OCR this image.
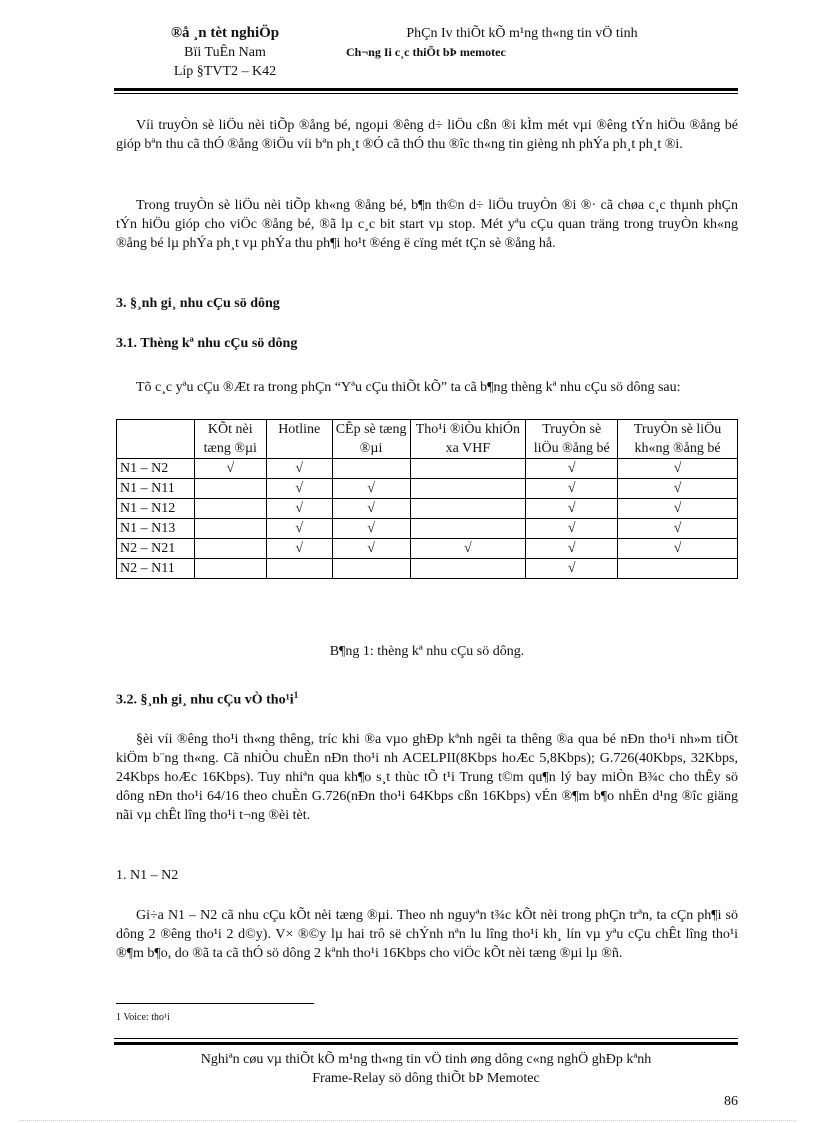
®å ¸n tèt nghiÖp
Bïi TuÊn Nam
Líp §TVT2 – K42
PhÇn Iv thiÕt kÕ m¹ng th«ng tin vÖ tinh
Ch¬ng Ii c¸c thiÕt bÞ memotec
Víi truyÒn sè liÖu nèi tiÕp ®ång bé, ngoµi ®êng d÷ liÖu cßn ®i kÌm mét vµi ®êng tÝn hiÖu ®ång bé gióp bªn thu cã thÓ ®ång ®iÖu víi bªn ph¸t ®Ó cã thÓ thu ®îc th«ng tin gièng nh phÝa ph¸t ph¸t ®i.
Trong truyÒn sè liÖu nèi tiÕp kh«ng ®ång bé, b¶n th©n d÷ liÖu truyÒn ®i ®· cã chøa c¸c thµnh phÇn tÝn hiÖu gióp cho viÖc ®ång bé, ®ã lµ c¸c bit start vµ stop. Mét yªu cÇu quan träng trong truyÒn kh«ng ®ång bé lµ phÝa ph¸t vµ phÝa thu ph¶i ho¹t ®éng ë cïng mét tÇn sè ®ång hå.
3. §¸nh gi¸ nhu cÇu sö dông
3.1. Thèng kª nhu cÇu sö dông
Tõ c¸c yªu cÇu ®Æt ra trong phÇn “Yªu cÇu thiÕt kÕ” ta cã b¶ng thèng kª nhu cÇu sö dông sau:
	KÕt nèi tæng ®µi	Hotline	CÊp sè tæng ®µi	Tho¹i ®iÒu khiÓn xa VHF	TruyÒn sè liÖu ®ång bé	TruyÒn sè liÖu kh«ng ®ång bé
N1 – N2	√	√			√	√
N1 – N11		√	√		√	√
N1 – N12		√	√		√	√
N1 – N13		√	√		√	√
N2 – N21		√	√	√	√	√
N2 – N11					√	
B¶ng 1: thèng kª nhu cÇu sö dông.
3.2. §¸nh gi¸ nhu cÇu vÒ $tho^1i^1$
§èi víi ®êng tho¹i th«ng thêng, tríc khi ®a vµo ghÐp kªnh ngêi ta thêng ®a qua bé nÐn tho¹i nh»m tiÕt kiÖm b¨ng th«ng. Cã nhiÒu chuÈn nÐn tho¹i nh ACELPII(8Kbps hoÆc 5,8Kbps); G.726(40Kbps, 32Kbps, 24Kbps hoÆc 16Kbps). Tuy nhiªn qua kh¶o s¸t thùc tÕ t¹i Trung t©m qu¶n lý bay miÒn B¾c cho thÊy sö dông nÐn tho¹i 64/16 theo chuÈn G.726(nÐn tho¹i 64Kbps cßn 16Kbps) vÉn ®¶m b¶o nhËn d¹ng ®îc giäng nãi vµ chÊt lîng tho¹i t¬ng ®èi tèt.
1. N1 – N2
Gi÷a N1 – N2 cã nhu cÇu kÕt nèi tæng ®µi. Theo nh nguyªn t¾c kÕt nèi trong phÇn trªn, ta cÇn ph¶i sö dông 2 ®êng tho¹i 2 d©y). V× ®©y lµ hai trô së chÝnh nªn lu lîng tho¹i kh¸ lín vµ yªu cÇu chÊt lîng tho¹i ®¶m b¶o, do ®ã ta cã thÓ sö dông 2 kªnh tho¹i 16Kbps cho viÖc kÕt nèi tæng ®µi lµ ®ñ.
1 Voice: tho¹i
Nghiªn cøu vµ thiÕt kÕ m¹ng th«ng tin vÖ tinh øng dông c«ng nghÖ ghÐp kªnh
Frame-Relay sö dông thiÕt bÞ Memotec
86
